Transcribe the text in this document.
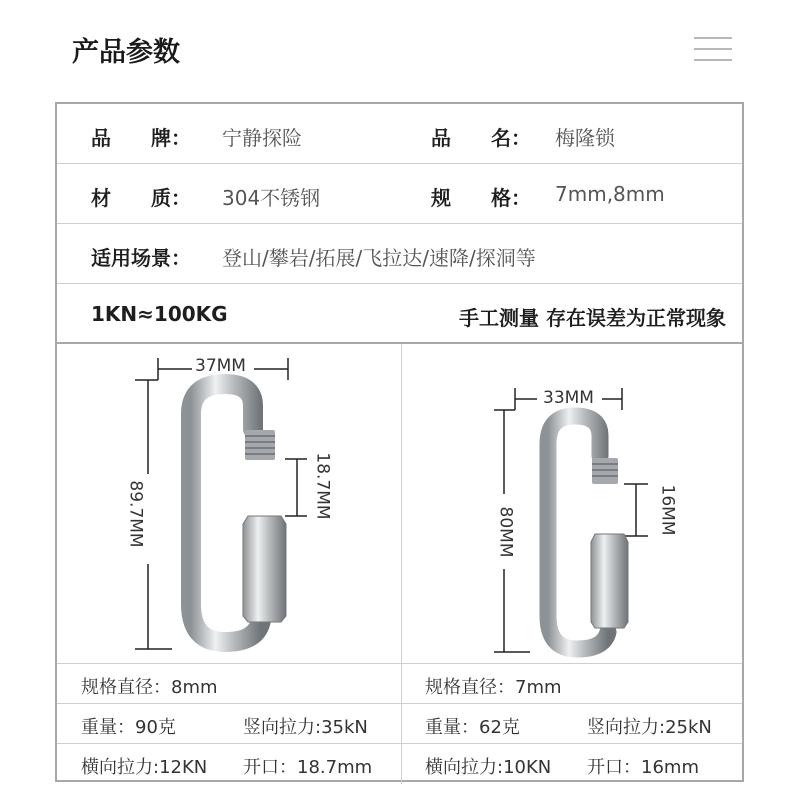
产品参数
品　　牌： 宁静探险	品　　名： 梅隆锁
材　　质： 304不锈钢	规　　格： 7mm,8mm
适用场景： 登山/攀岩/拓展/飞拉达/速降/探洞等
1KN≈100KG	手工测量 存在误差为正常现象
37MM
89.7MM	18.7MM
33MM
80MM	16MM
规格直径：8mm	规格直径：7mm
重量：90克	竖向拉力:35kN	重量：62克	竖向拉力:25kN
横向拉力:12KN 开口：18.7mm	横向拉力:10KN 开口：16mm
